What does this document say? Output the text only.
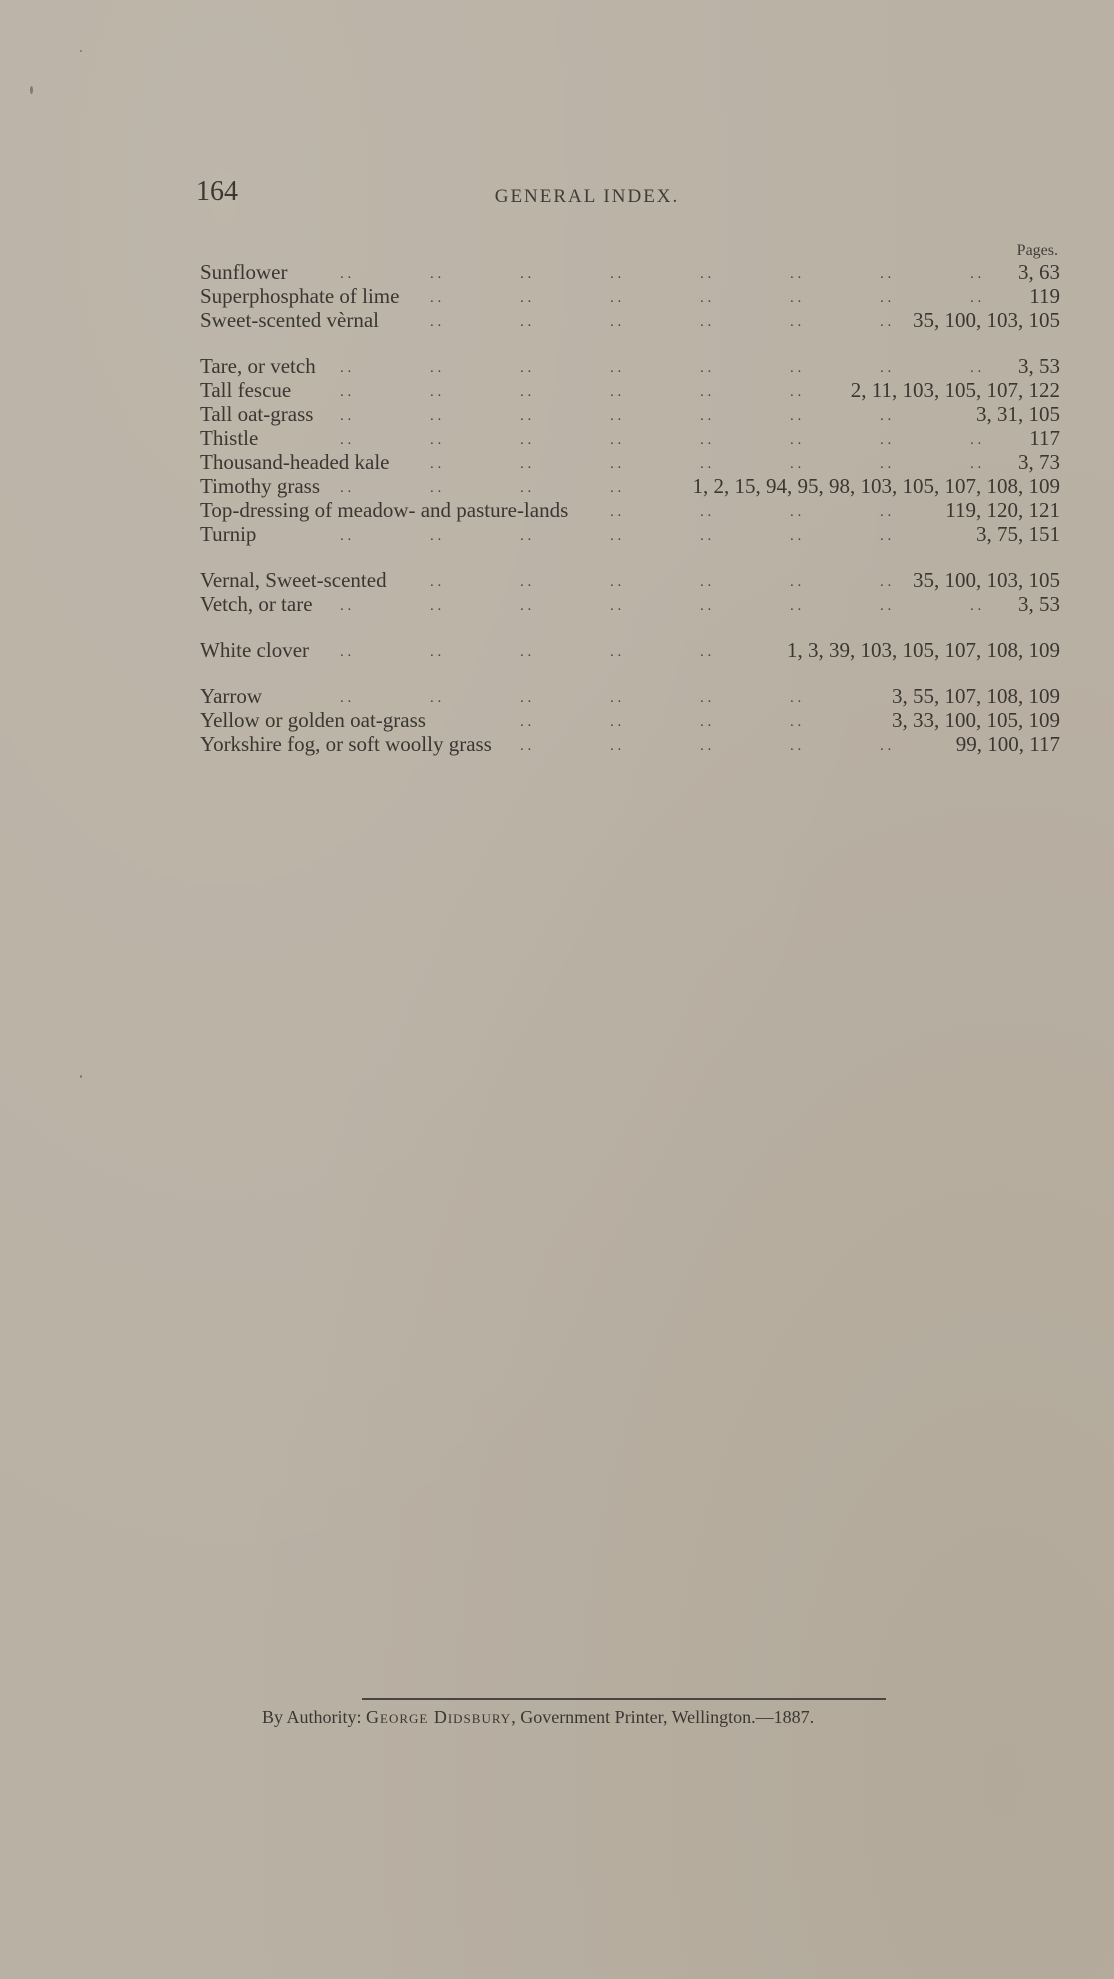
164	GENERAL INDEX.
Pages.
. .	. .	. .	. .	. .	. .	. .	. .
Sunflower	3, 63
. .	. .	. .	. .	. .	. .	. .
Superphosphate of lime	119
. .	. .	. .	. .	. .	. .
Sweet-scented vèrnal	35, 100, 103, 105
. .	. .	. .	. .	. .	. .	. .	. .
Tare, or vetch	3, 53
. .	. .	. .	. .	. .	. .
Tall fescue	2, 11, 103, 105, 107, 122
. .	. .	. .	. .	. .	. .	. .
Tall oat-grass	3, 31, 105
. .	. .	. .	. .	. .	. .	. .	. .
Thistle	117
. .	. .	. .	. .	. .	. .	. .
Thousand-headed kale	3, 73
. .	. .	. .	. .
Timothy grass	1, 2, 15, 94, 95, 98, 103, 105, 107, 108, 109
. .	. .	. .	. .
Top-dressing of meadow- and pasture-lands	119, 120, 121
. .	. .	. .	. .	. .	. .	. .
Turnip	3, 75, 151
. .	. .	. .	. .	. .	. .
Vernal, Sweet-scented	35, 100, 103, 105
. .	. .	. .	. .	. .	. .	. .	. .
Vetch, or tare	3, 53
. .	. .	. .	. .	. .
White clover	1, 3, 39, 103, 105, 107, 108, 109
. .	. .	. .	. .	. .	. .
Yarrow	3, 55, 107, 108, 109
. .	. .	. .	. .
Yellow or golden oat-grass	3, 33, 100, 105, 109
. .	. .	. .	. .	. .
Yorkshire fog, or soft woolly grass	99, 100, 117
By Authority: George Didsbury, Government Printer, Wellington.—1887.
